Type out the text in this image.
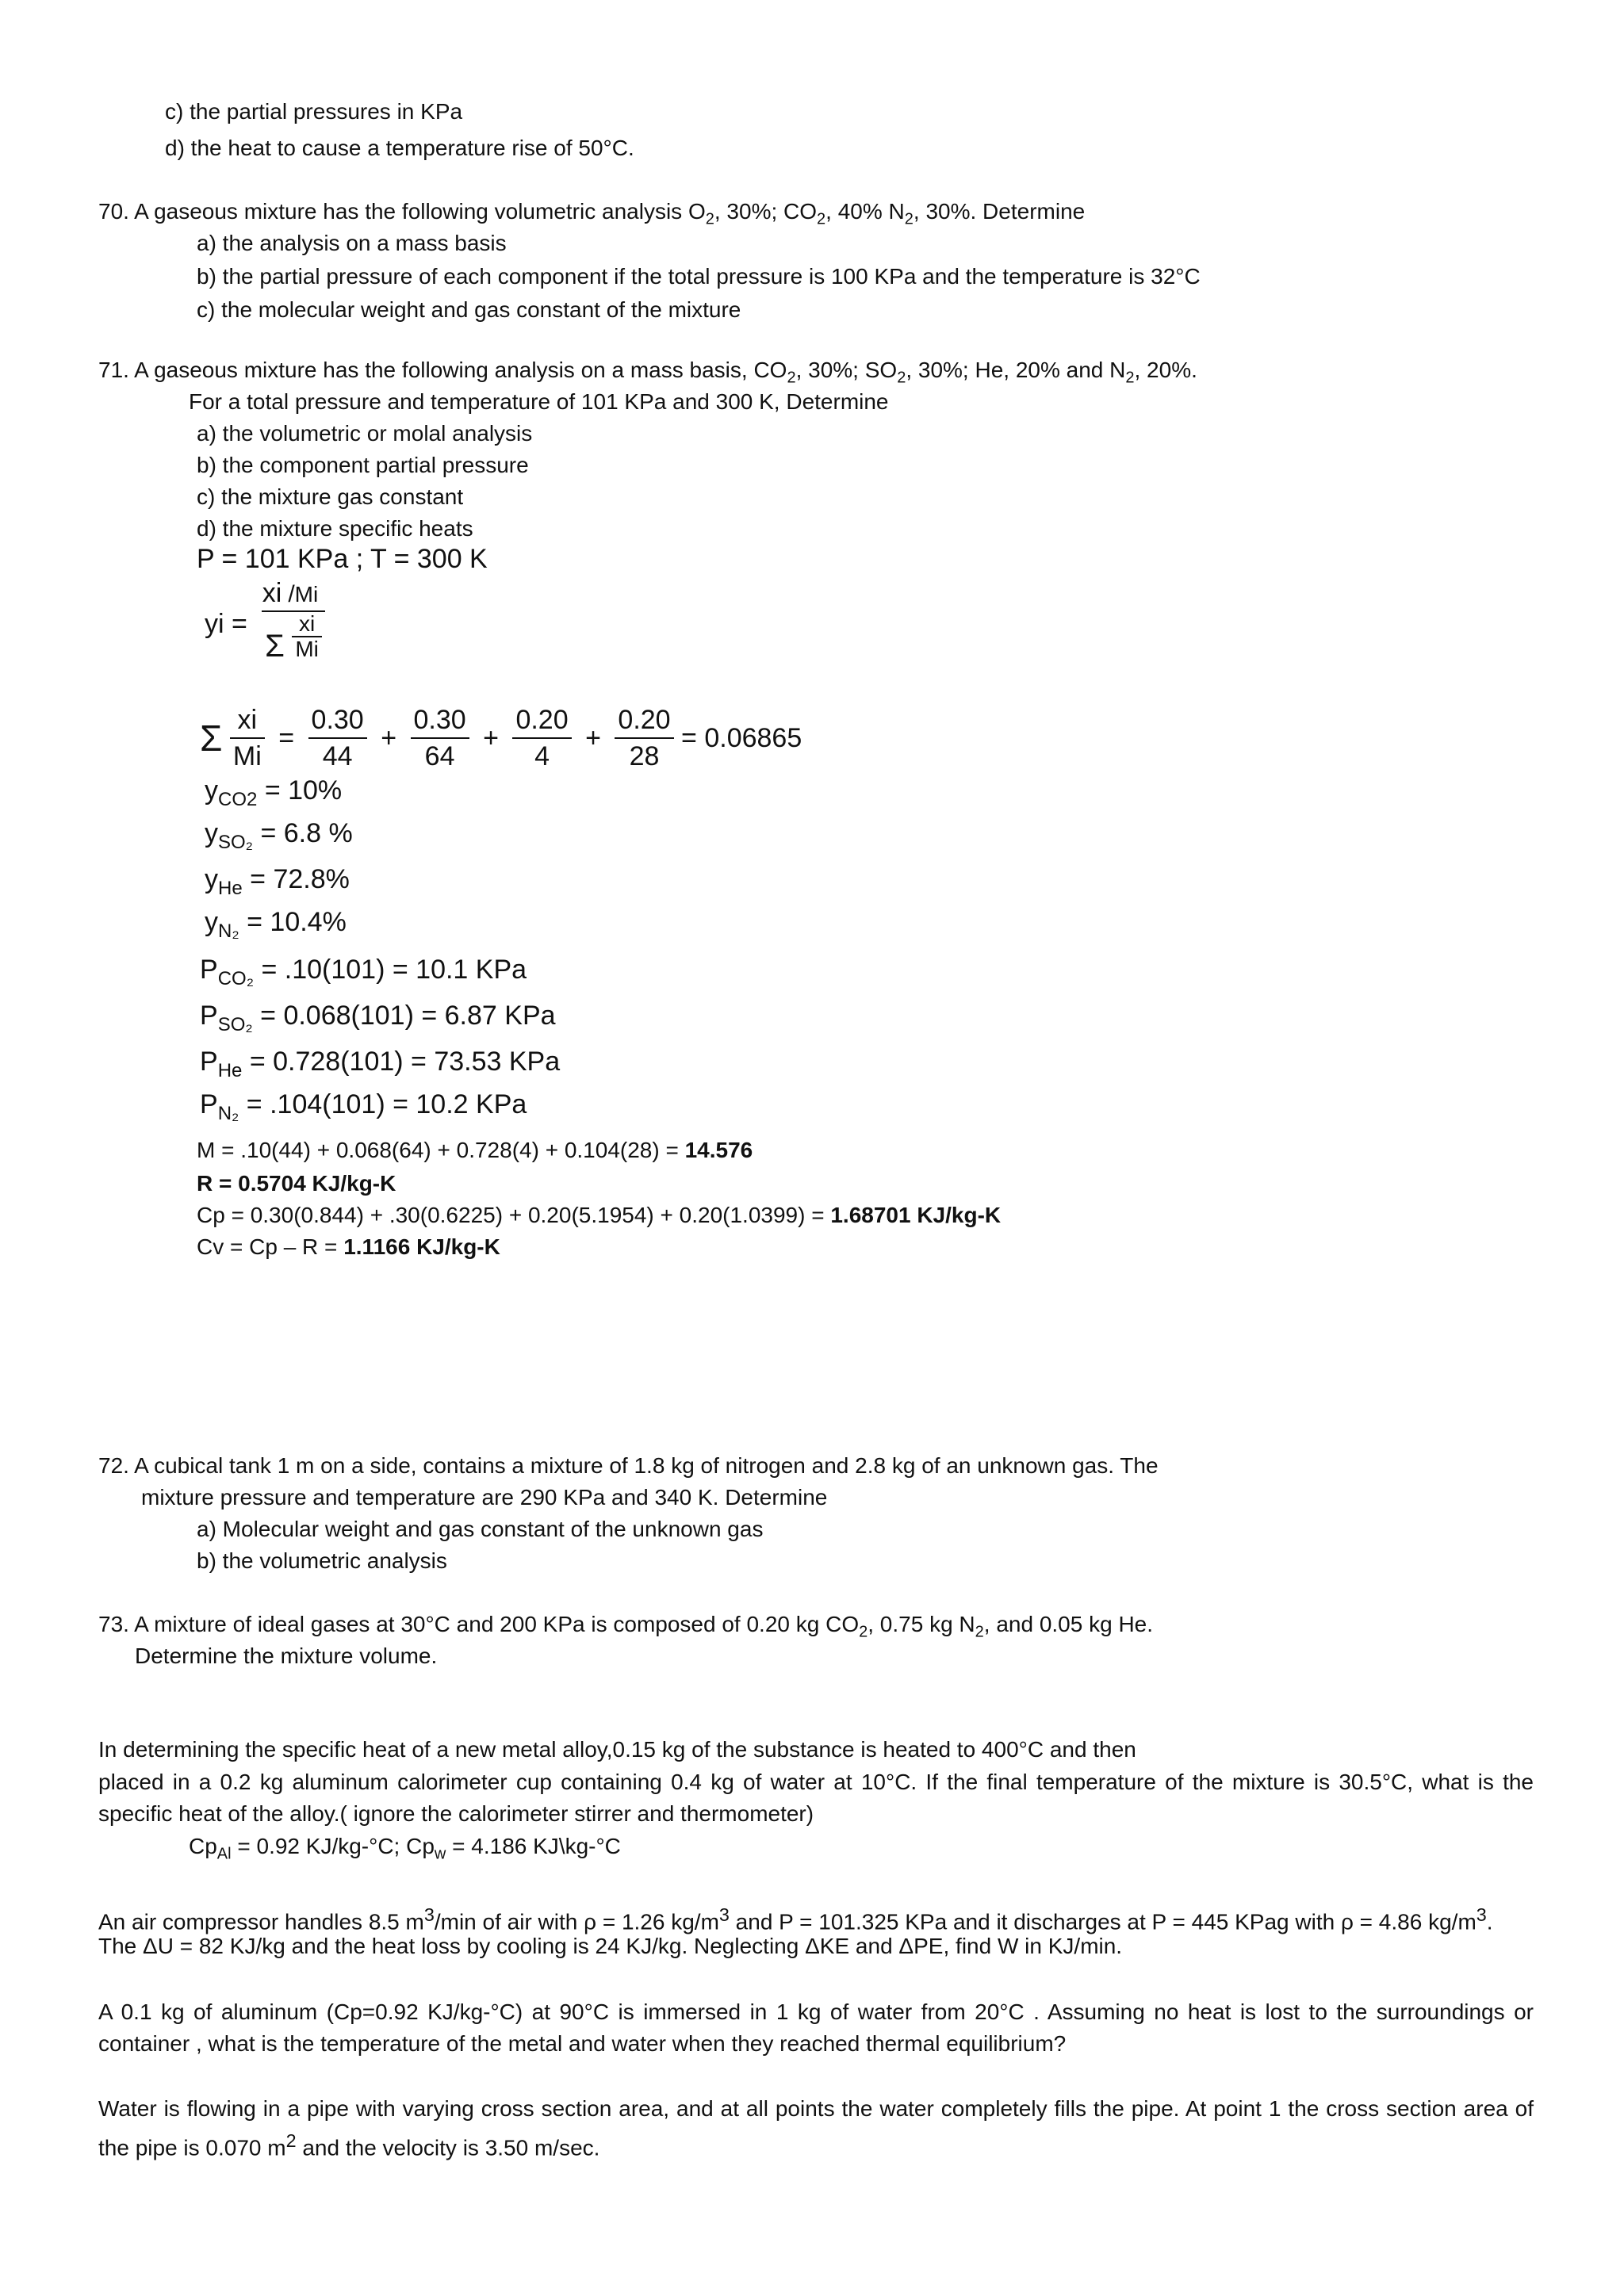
c) the partial pressures in KPa
d) the heat to cause a temperature rise of 50°C.
70. A gaseous mixture has the following volumetric analysis $O_2$, 30%; $CO_2$, 40% $N_2$, 30%. Determine
a) the analysis on a mass basis
b) the partial pressure of each component if the total pressure is 100 KPa and the temperature is 32°C
c) the molecular weight and gas constant of the mixture
71. A gaseous mixture has the following analysis on a mass basis, $CO_2$, 30%; $SO_2$, 30%; He, 20% and $N_2$, 20%.
For a total pressure and temperature of 101 KPa and 300 K, Determine
a) the volumetric or molal analysis
b) the component partial pressure
c) the mixture gas constant
d) the mixture specific heats
P = 101 KPa ; T = 300 K
yi =
xi /Mi
Σ $\frac{xi}{Mi}$
Σ $\frac{xi}{Mi} = \frac{0.30}{44} + \frac{0.30}{64} + \frac{0.20}{4} + \frac{0.20}{28} = 0.06865$
$y_{CO2} = 10\%$
$y_{SO_2} = 6.8$ %
$y_{He} = 72.8\%$
$y_{N_2} = 10.4\%$
$P_{CO_2} = .10(101) = 10.1$ KPa
$P_{SO_2} = 0.068(101) = 6.87$ KPa
$P_{He} = 0.728(101) = 73.53$ KPa
$P_{N_2} = .104(101) = 10.2$ KPa
M = .10(44) + 0.068(64) + 0.728(4) + 0.104(28) = 14.576
R = 0.5704 KJ/kg-K
Cp = 0.30(0.844) + .30(0.6225) + 0.20(5.1954) + 0.20(1.0399) = 1.68701 KJ/kg-K
Cv = Cp – R = 1.1166 KJ/kg-K
72. A cubical tank 1 m on a side, contains a mixture of 1.8 kg of nitrogen and 2.8 kg of an unknown gas. The
mixture pressure and temperature are 290 KPa and 340 K. Determine
a) Molecular weight and gas constant of the unknown gas
b) the volumetric analysis
73. A mixture of ideal gases at 30°C and 200 KPa is composed of 0.20 kg $CO_2$, 0.75 kg $N_2$, and 0.05 kg He.
Determine the mixture volume.
In determining the specific heat of a new metal alloy,0.15 kg of the substance is heated to 400°C and then
placed in a 0.2 kg aluminum calorimeter cup containing 0.4 kg of water at 10°C. If the final temperature of the mixture is 30.5°C, what is the specific heat of the alloy.( ignore the calorimeter stirrer and thermometer)
$Cp_{Al} = 0.92$ KJ/kg-°C; $Cp_w = 4.186$ KJ\kg-°C
An air compressor handles 8.5 $m^3/\min$ of air with ρ = 1.26 $kg/m^3$ and P = 101.325 KPa and it discharges at P = 445 KPag with ρ = 4.86 $kg/m^3$.
The ΔU = 82 KJ/kg and the heat loss by cooling is 24 KJ/kg. Neglecting ΔKE and ΔPE, find W in KJ/min.
A 0.1 kg of aluminum (Cp=0.92 KJ/kg-°C) at 90°C is immersed in 1 kg of water from 20°C . Assuming no heat is lost to the surroundings or container , what is the temperature of the metal and water when they reached thermal equilibrium?
Water is flowing in a pipe with varying cross section area, and at all points the water completely fills the pipe. At point 1 the cross section area of the pipe is 0.070 $m^2$ and the velocity is 3.50 m/sec.
